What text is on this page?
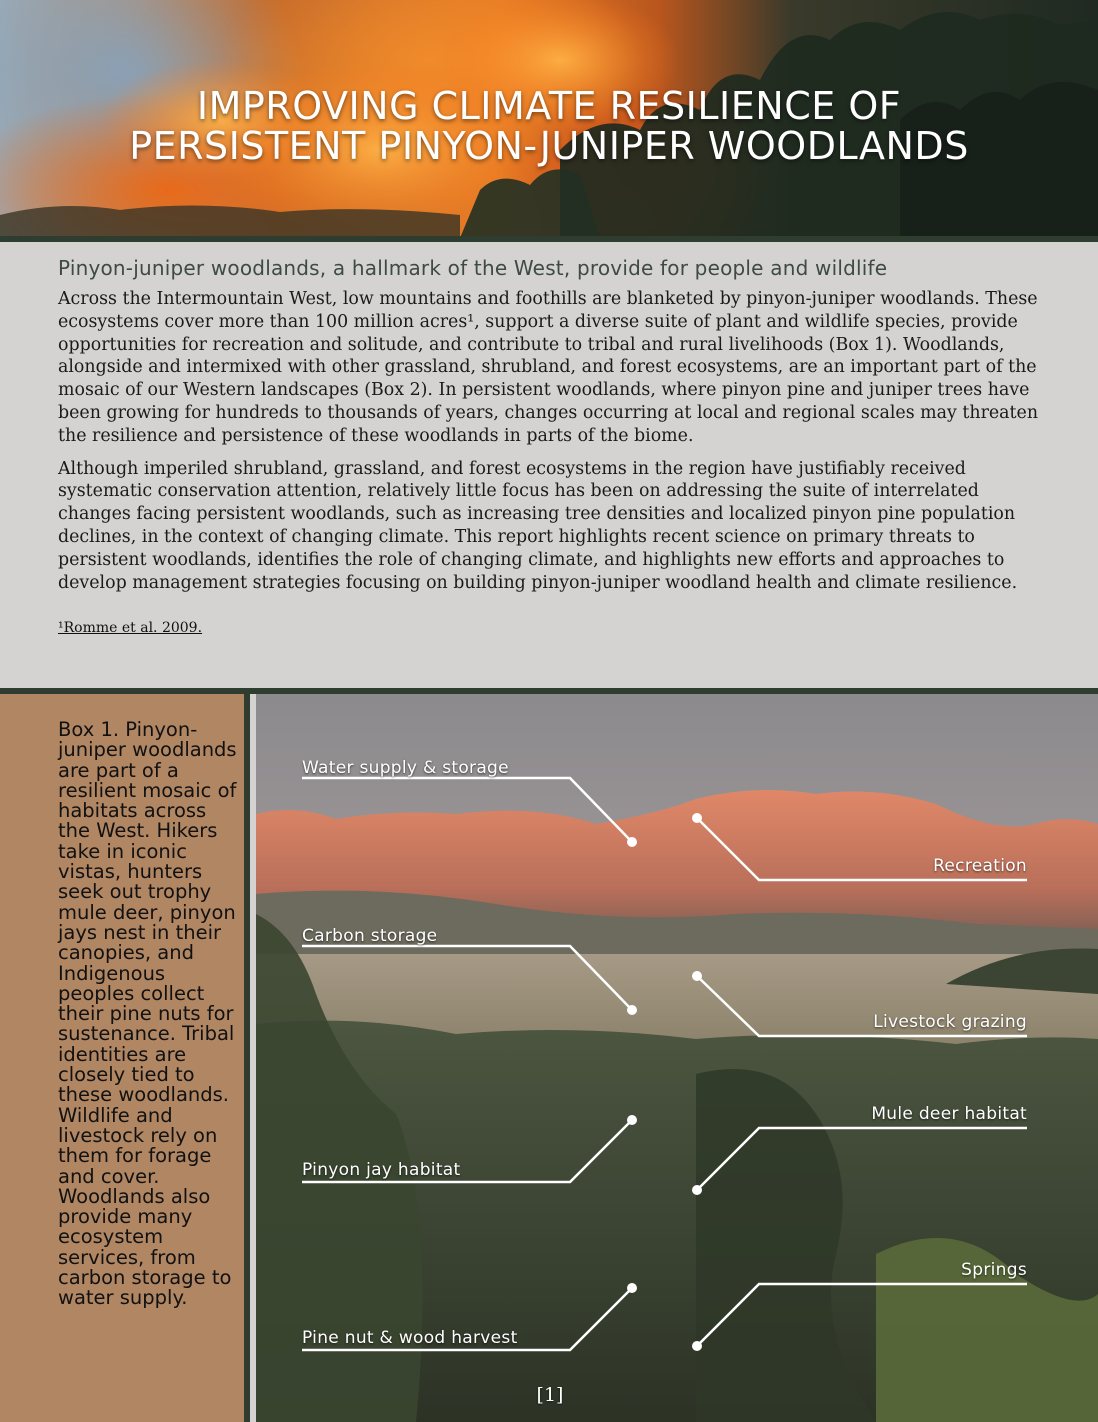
IMPROVING CLIMATE RESILIENCE OF
PERSISTENT PINYON-JUNIPER WOODLANDS
Pinyon-juniper woodlands, a hallmark of the West, provide for people and wildlife

Across the Intermountain West, low mountains and foothills are blanketed by pinyon-juniper woodlands. These ecosystems cover more than 100 million acres¹, support a diverse suite of plant and wildlife species, provide opportunities for recreation and solitude, and contribute to tribal and rural livelihoods (Box 1). Woodlands, alongside and intermixed with other grassland, shrubland, and forest ecosystems, are an important part of the mosaic of our Western landscapes (Box 2). In persistent woodlands, where pinyon pine and juniper trees have been growing for hundreds to thousands of years, changes occurring at local and regional scales may threaten the resilience and persistence of these woodlands in parts of the biome.

Although imperiled shrubland, grassland, and forest ecosystems in the region have justifiably received systematic conservation attention, relatively little focus has been on addressing the suite of interrelated changes facing persistent woodlands, such as increasing tree densities and localized pinyon pine population declines, in the context of changing climate. This report highlights recent science on primary threats to persistent woodlands, identifies the role of changing climate, and highlights new efforts and approaches to develop management strategies focusing on building pinyon-juniper woodland health and climate resilience.

¹Romme et al. 2009.
Box 1. Pinyon-juniper woodlands are part of a resilient mosaic of habitats across the West. Hikers take in iconic vistas, hunters seek out trophy mule deer, pinyon jays nest in their canopies, and Indigenous peoples collect their pine nuts for sustenance. Tribal identities are closely tied to these woodlands. Wildlife and livestock rely on them for forage and cover. Woodlands also provide many ecosystem services, from carbon storage to water supply.
Water supply & storage
Recreation
Carbon storage
Livestock grazing
Mule deer habitat
Pinyon jay habitat
Springs
Pine nut & wood harvest
[1]
